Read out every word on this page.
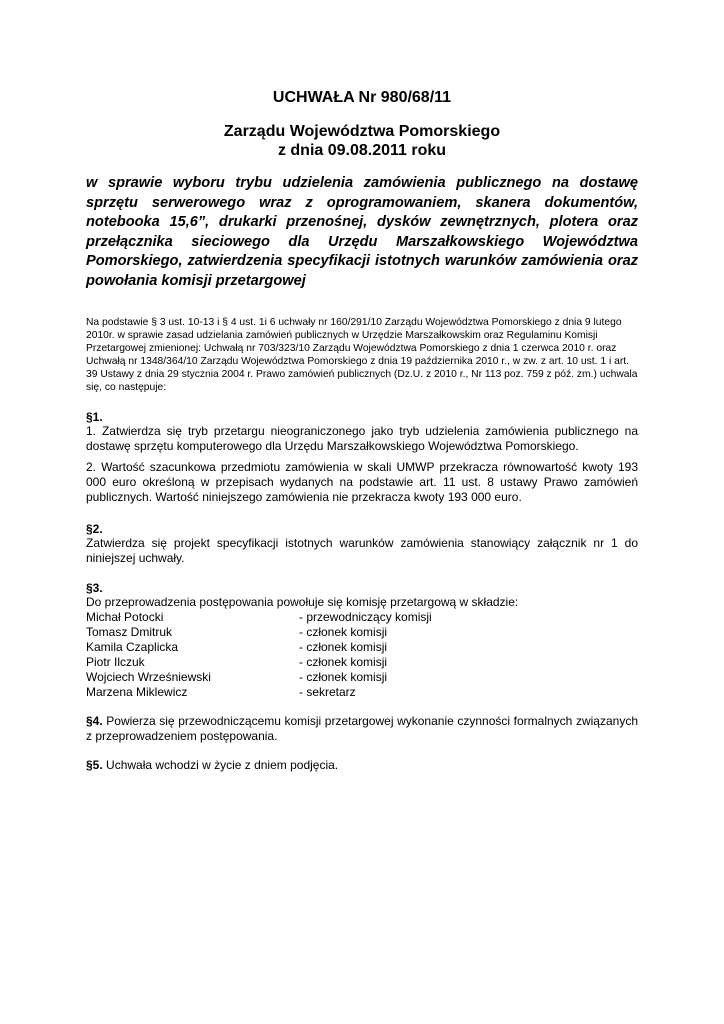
UCHWAŁA Nr 980/68/11
Zarządu Województwa Pomorskiego
z dnia 09.08.2011 roku
w sprawie wyboru trybu udzielenia zamówienia publicznego na dostawę sprzętu serwerowego wraz z oprogramowaniem, skanera dokumentów, notebooka 15,6”, drukarki przenośnej, dysków zewnętrznych, plotera oraz przełącznika sieciowego dla Urzędu Marszałkowskiego Województwa Pomorskiego, zatwierdzenia specyfikacji istotnych warunków zamówienia oraz powołania komisji przetargowej
Na podstawie § 3 ust. 10-13 i § 4 ust. 1i 6 uchwały nr 160/291/10 Zarządu Województwa Pomorskiego z dnia 9 lutego 2010r. w sprawie zasad udzielania zamówień publicznych w Urzędzie Marszałkowskim oraz Regulaminu Komisji Przetargowej zmienionej: Uchwałą nr 703/323/10 Zarządu Województwa Pomorskiego z dnia 1 czerwca 2010 r. oraz Uchwałą nr 1348/364/10 Zarządu Województwa Pomorskiego z dnia 19 października 2010 r., w zw. z art. 10 ust. 1 i art. 39 Ustawy z dnia 29 stycznia 2004 r. Prawo zamówień publicznych (Dz.U. z 2010 r., Nr 113 poz. 759 z póź. zm.) uchwala się, co następuje:
§1.
1. Zatwierdza się tryb przetargu nieograniczonego jako tryb udzielenia zamówienia publicznego na dostawę sprzętu komputerowego dla Urzędu Marszałkowskiego Województwa Pomorskiego.
2. Wartość szacunkowa przedmiotu zamówienia w skali UMWP przekracza równowartość kwoty 193 000 euro określoną w przepisach wydanych na podstawie art. 11 ust. 8 ustawy Prawo zamówień publicznych. Wartość niniejszego zamówienia nie przekracza kwoty 193 000 euro.
§2.
Zatwierdza się projekt specyfikacji istotnych warunków zamówienia stanowiący załącznik nr 1 do niniejszej uchwały.
§3.
Do przeprowadzenia postępowania powołuje się komisję przetargową w składzie:
Michał Potocki	- przewodniczący komisji
Tomasz Dmitruk	- członek komisji
Kamila Czaplicka	- członek komisji
Piotr Ilczuk	- członek komisji
Wojciech Wrześniewski	- członek komisji
Marzena Miklewicz	- sekretarz
§4. Powierza się przewodniczącemu komisji przetargowej wykonanie czynności formalnych związanych z przeprowadzeniem postępowania.
§5. Uchwała wchodzi w życie z dniem podjęcia.
